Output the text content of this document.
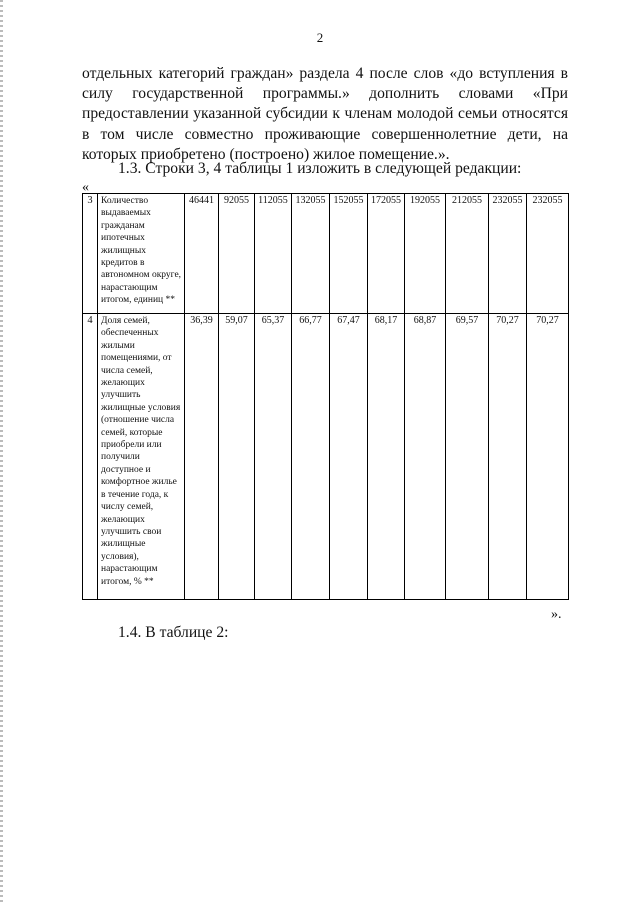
2
отдельных категорий граждан» раздела 4 после слов «до вступления в силу государственной программы.» дополнить словами «При предоставлении указанной субсидии к членам молодой семьи относятся в том числе совместно проживающие совершеннолетние дети, на которых приобретено (построено) жилое помещение.».
1.3. Строки 3, 4 таблицы 1 изложить в следующей редакции:
«
3	Количество выдаваемых гражданам ипотечных жилищных кредитов в автономном округе, нарастающим итогом, единиц **	46441	92055	112055	132055	152055	172055	192055	212055	232055	232055
4	Доля семей, обеспеченных жилыми помещениями, от числа семей, желающих улучшить жилищные условия (отношение числа семей, которые приобрели или получили доступное и комфортное жилье в течение года, к числу семей, желающих улучшить свои жилищные условия), нарастающим итогом, % **	36,39	59,07	65,37	66,77	67,47	68,17	68,87	69,57	70,27	70,27
».
1.4. В таблице 2:
